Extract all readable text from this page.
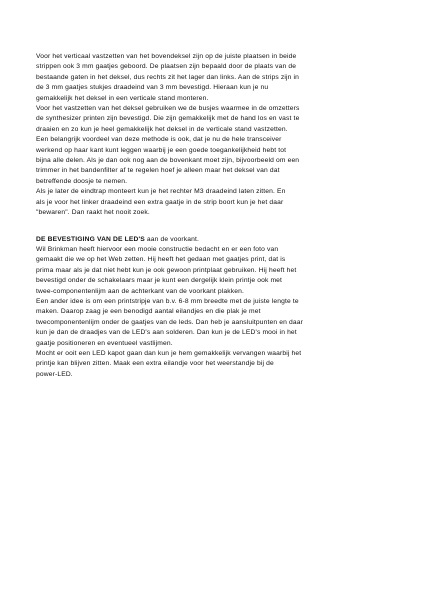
Voor het verticaal vastzetten van het bovendeksel zijn op de juiste plaatsen in beide
strippen ook 3 mm gaatjes geboord. De plaatsen zijn bepaald door de plaats van de
bestaande gaten in het deksel, dus rechts zit het lager dan links. Aan de strips zijn in
de 3 mm gaatjes stukjes draadeind van 3 mm bevestigd. Hieraan kun je nu
gemakkelijk het deksel in een verticale stand monteren.

Voor het vastzetten van het deksel gebruiken we de busjes waarmee in de omzetters
de synthesizer printen zijn bevestigd. Die zijn gemakkelijk met de hand los en vast te
draaien en zo kun je heel gemakkelijk het deksel in de verticale stand vastzetten.
Een belangrijk voordeel van deze methode is ook, dat je nu de hele transceiver
werkend op haar kant kunt leggen waarbij je een goede toegankelijkheid hebt tot
bijna alle delen. Als je dan ook nog aan de bovenkant moet zijn, bijvoorbeeld om een
trimmer in het bandenfilter af te regelen hoef je alleen maar het deksel van dat
betreffende doosje te nemen.

Als je later de eindtrap monteert kun je het rechter M3 draadeind laten zitten. En
als je voor het linker draadeind een extra gaatje in de strip boort kun je het daar
"bewaren". Dan raakt het nooit zoek.

DE BEVESTIGING VAN DE LED'S aan de voorkant.

Wil Brinkman heeft hiervoor een mooie constructie bedacht en er een foto van
gemaakt die we op het Web zetten. Hij heeft het gedaan met gaatjes print, dat is
prima maar als je dat niet hebt kun je ook gewoon printplaat gebruiken. Hij heeft het
bevestigd onder de schakelaars maar je kunt een dergelijk klein printje ook met
twee-componentenlijm aan de achterkant van de voorkant plakken.

Een ander idee is om een printstripje van b.v. 6-8 mm breedte met de juiste lengte te
maken. Daarop zaag je een benodigd aantal eilandjes en die plak je met
twecomponentenlijm onder de gaatjes van de leds. Dan heb je aansluitpunten en daar
kun je dan de draadjes van de LED's aan solderen. Dan kun je de LED's mooi in het
gaatje positioneren en eventueel vastlijmen.

Mocht er ooit een LED kapot gaan dan kun je hem gemakkelijk vervangen waarbij het
printje kan blijven zitten. Maak een extra eilandje voor het weerstandje bij de
power-LED.
